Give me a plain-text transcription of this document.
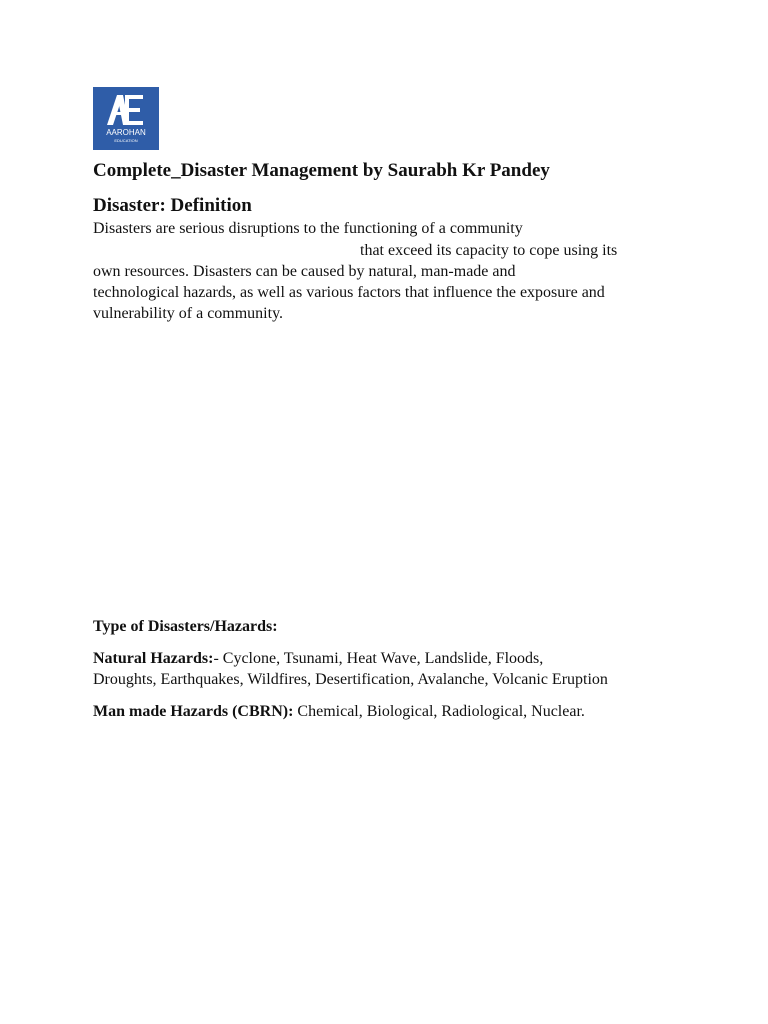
AAROHAN
EDUCATION
Complete_Disaster Management by Saurabh Kr Pandey
Disaster: Definition
Disasters are serious disruptions to the functioning of a community
that exceed its capacity to cope using its
own resources. Disasters can be caused by natural, man-made and
technological hazards, as well as various factors that influence the exposure and
vulnerability of a community.
Type of Disasters/Hazards:
Natural Hazards:- Cyclone, Tsunami, Heat Wave, Landslide, Floods,
Droughts, Earthquakes, Wildfires, Desertification, Avalanche, Volcanic Eruption
Man made Hazards (CBRN): Chemical, Biological, Radiological, Nuclear.
